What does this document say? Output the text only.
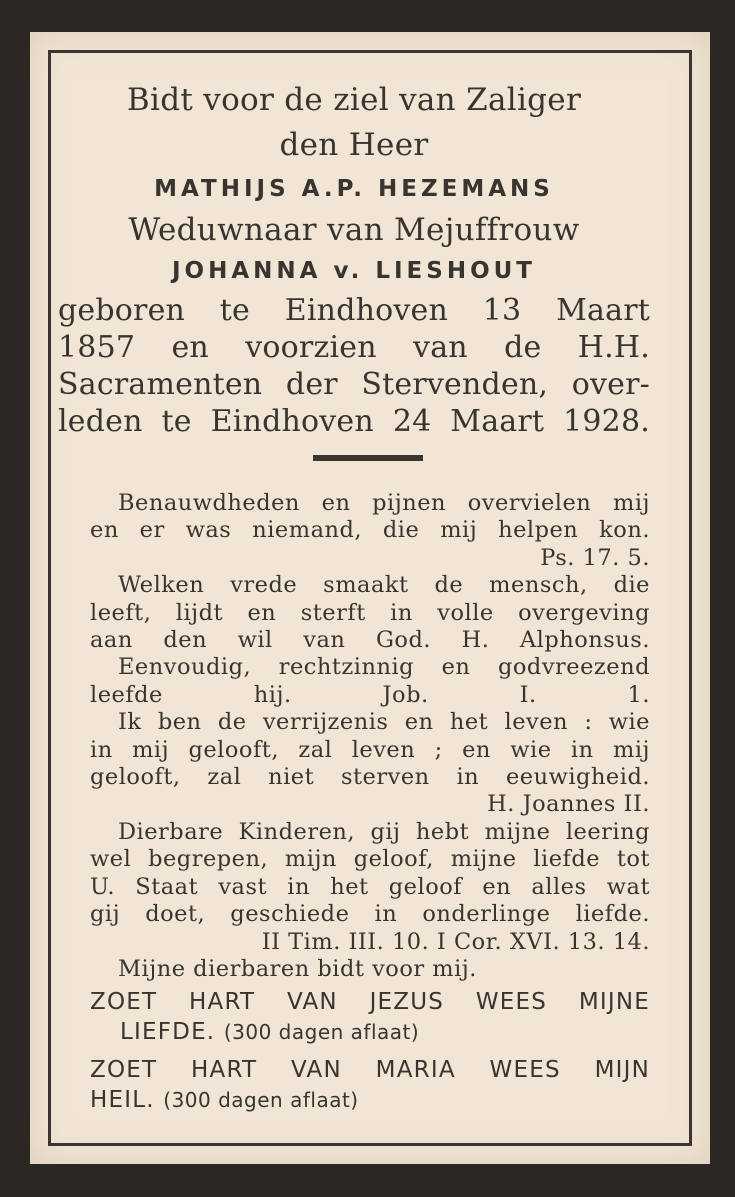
Bidt voor de ziel van Zaliger
den Heer
MATHIJS A.P. HEZEMANS
Weduwnaar van Mejuffrouw
JOHANNA v. LIESHOUT
geboren te Eindhoven 13 Maart
1857 en voorzien van de H.H.
Sacramenten der Stervenden, over-
leden te Eindhoven 24 Maart 1928.
Benauwdheden en pijnen overvielen mij
en er was niemand, die mij helpen kon.
Ps. 17. 5.
Welken vrede smaakt de mensch, die
leeft, lijdt en sterft in volle overgeving
aan den wil van God. H. Alphonsus.
Eenvoudig, rechtzinnig en godvreezend
leefde hij.	Job. I. 1.
Ik ben de verrijzenis en het leven : wie
in mij gelooft, zal leven ; en wie in mij
gelooft, zal niet sterven in eeuwigheid.
H. Joannes II.
Dierbare Kinderen, gij hebt mijne leering
wel begrepen, mijn geloof, mijne liefde tot
U. Staat vast in het geloof en alles wat
gij doet, geschiede in onderlinge liefde.
II Tim. III. 10. I Cor. XVI. 13. 14.
Mijne dierbaren bidt voor mij.
ZOET HART VAN JEZUS WEES MIJNE
LIEFDE. (300 dagen aflaat)
ZOET HART VAN MARIA WEES MIJN
HEIL. (300 dagen aflaat)
